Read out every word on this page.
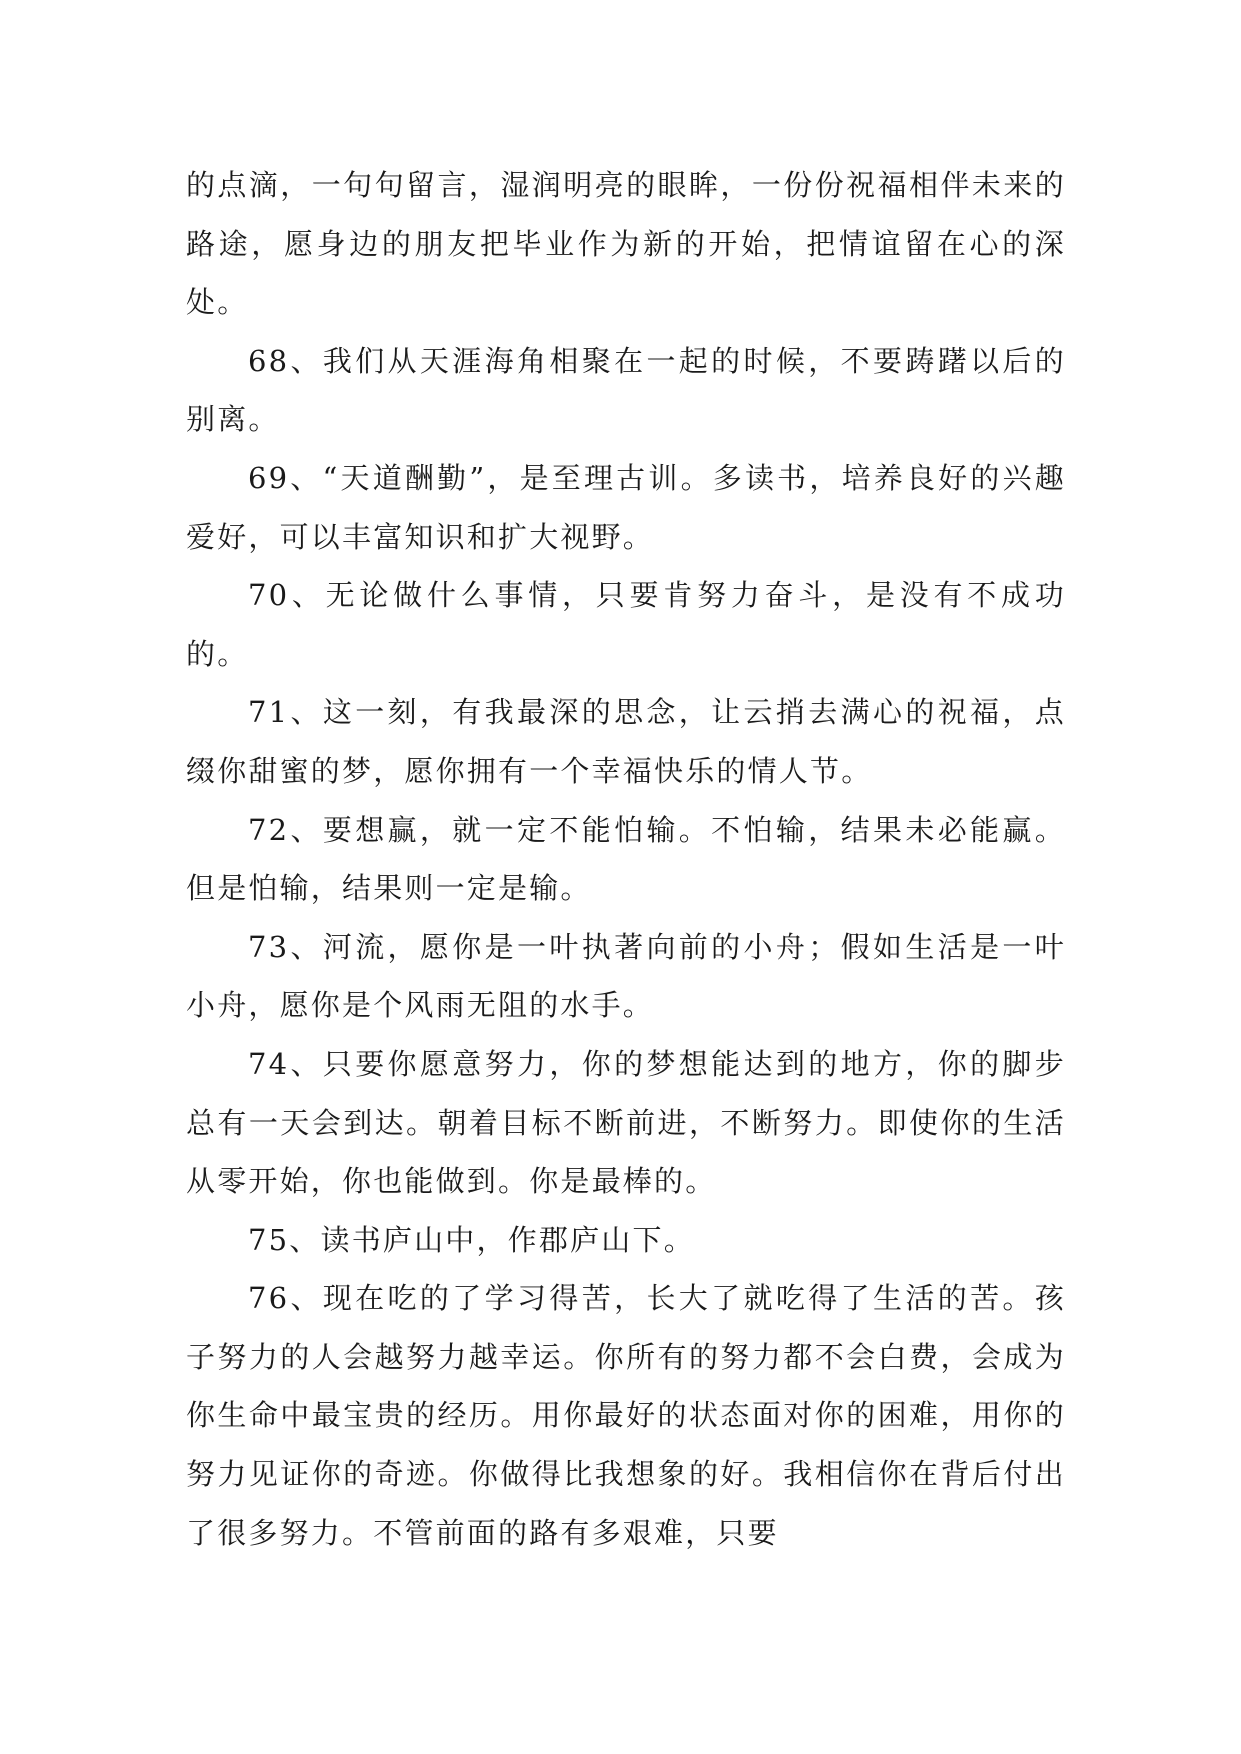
的点滴，一句句留言，湿润明亮的眼眸，一份份祝福相伴未来的路途，愿身边的朋友把毕业作为新的开始，把情谊留在心的深处。

68、我们从天涯海角相聚在一起的时候，不要踌躇以后的别离。

69、“天道酬勤”，是至理古训。多读书，培养良好的兴趣爱好，可以丰富知识和扩大视野。

70、无论做什么事情，只要肯努力奋斗，是没有不成功的。

71、这一刻，有我最深的思念，让云捎去满心的祝福，点缀你甜蜜的梦，愿你拥有一个幸福快乐的情人节。

72、要想赢，就一定不能怕输。不怕输，结果未必能赢。但是怕输，结果则一定是输。

73、河流，愿你是一叶执著向前的小舟；假如生活是一叶小舟，愿你是个风雨无阻的水手。

74、只要你愿意努力，你的梦想能达到的地方，你的脚步总有一天会到达。朝着目标不断前进，不断努力。即使你的生活从零开始，你也能做到。你是最棒的。

75、读书庐山中，作郡庐山下。

76、现在吃的了学习得苦，长大了就吃得了生活的苦。孩子努力的人会越努力越幸运。你所有的努力都不会白费，会成为你生命中最宝贵的经历。用你最好的状态面对你的困难，用你的努力见证你的奇迹。你做得比我想象的好。我相信你在背后付出了很多努力。不管前面的路有多艰难，只要
